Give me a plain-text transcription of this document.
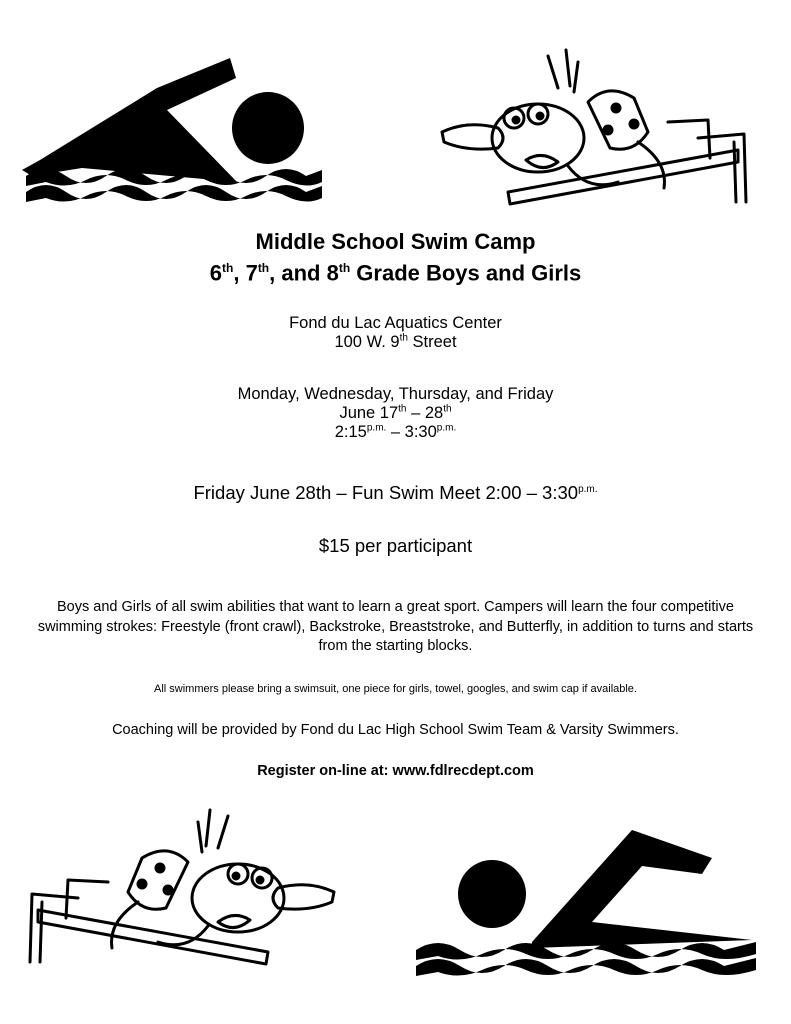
Middle School Swim Camp
6th, 7th, and 8th Grade Boys and Girls
Fond du Lac Aquatics Center
100 W. 9th Street
Monday, Wednesday, Thursday, and Friday
June 17th – 28th
$2:15^{p.m.}$ – $3:30^{p.m.}$
Friday June 28th – Fun Swim Meet 2:00 – $3:30^{p.m.}$
$15 per participant
Boys and Girls of all swim abilities that want to learn a great sport. Campers will learn the four competitive swimming strokes: Freestyle (front crawl), Backstroke, Breaststroke, and Butterfly, in addition to turns and starts from the starting blocks.
All swimmers please bring a swimsuit, one piece for girls, towel, googles, and swim cap if available.
Coaching will be provided by Fond du Lac High School Swim Team & Varsity Swimmers.
Register on-line at: www.fdlrecdept.com
